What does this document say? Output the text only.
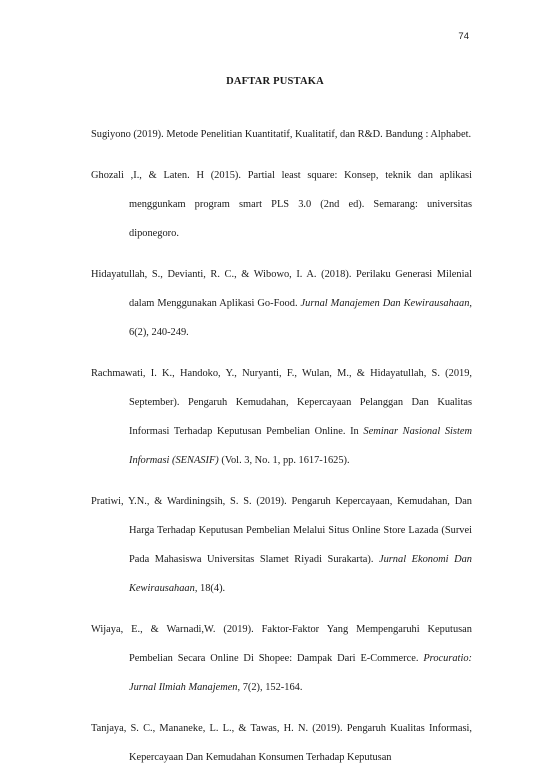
74
DAFTAR PUSTAKA

Sugiyono (2019). Metode Penelitian Kuantitatif, Kualitatif, dan R&D. Bandung : Alphabet.

Ghozali ,I., & Laten. H (2015). Partial least square: Konsep, teknik dan aplikasi menggunkam program smart PLS 3.0 (2nd ed). Semarang: universitas diponegoro.

Hidayatullah, S., Devianti, R. C., & Wibowo, I. A. (2018). Perilaku Generasi Milenial dalam Menggunakan Aplikasi Go-Food. Jurnal Manajemen Dan Kewirausahaan, 6(2), 240-249.

Rachmawati, I. K., Handoko, Y., Nuryanti, F., Wulan, M., & Hidayatullah, S. (2019, September). Pengaruh Kemudahan, Kepercayaan Pelanggan Dan Kualitas Informasi Terhadap Keputusan Pembelian Online. In Seminar Nasional Sistem Informasi (SENASIF) (Vol. 3, No. 1, pp. 1617-1625).

Pratiwi, Y.N., & Wardiningsih, S. S. (2019). Pengaruh Kepercayaan, Kemudahan, Dan Harga Terhadap Keputusan Pembelian Melalui Situs Online Store Lazada (Survei Pada Mahasiswa Universitas Slamet Riyadi Surakarta). Jurnal Ekonomi Dan Kewirausahaan, 18(4).

Wijaya, E., & Warnadi,W. (2019). Faktor-Faktor Yang Mempengaruhi Keputusan Pembelian Secara Online Di Shopee: Dampak Dari E-Commerce. Procuratio: Jurnal Ilmiah Manajemen, 7(2), 152-164.

Tanjaya, S. C., Mananeke, L. L., & Tawas, H. N. (2019). Pengaruh Kualitas Informasi, Kepercayaan Dan Kemudahan Konsumen Terhadap Keputusan
